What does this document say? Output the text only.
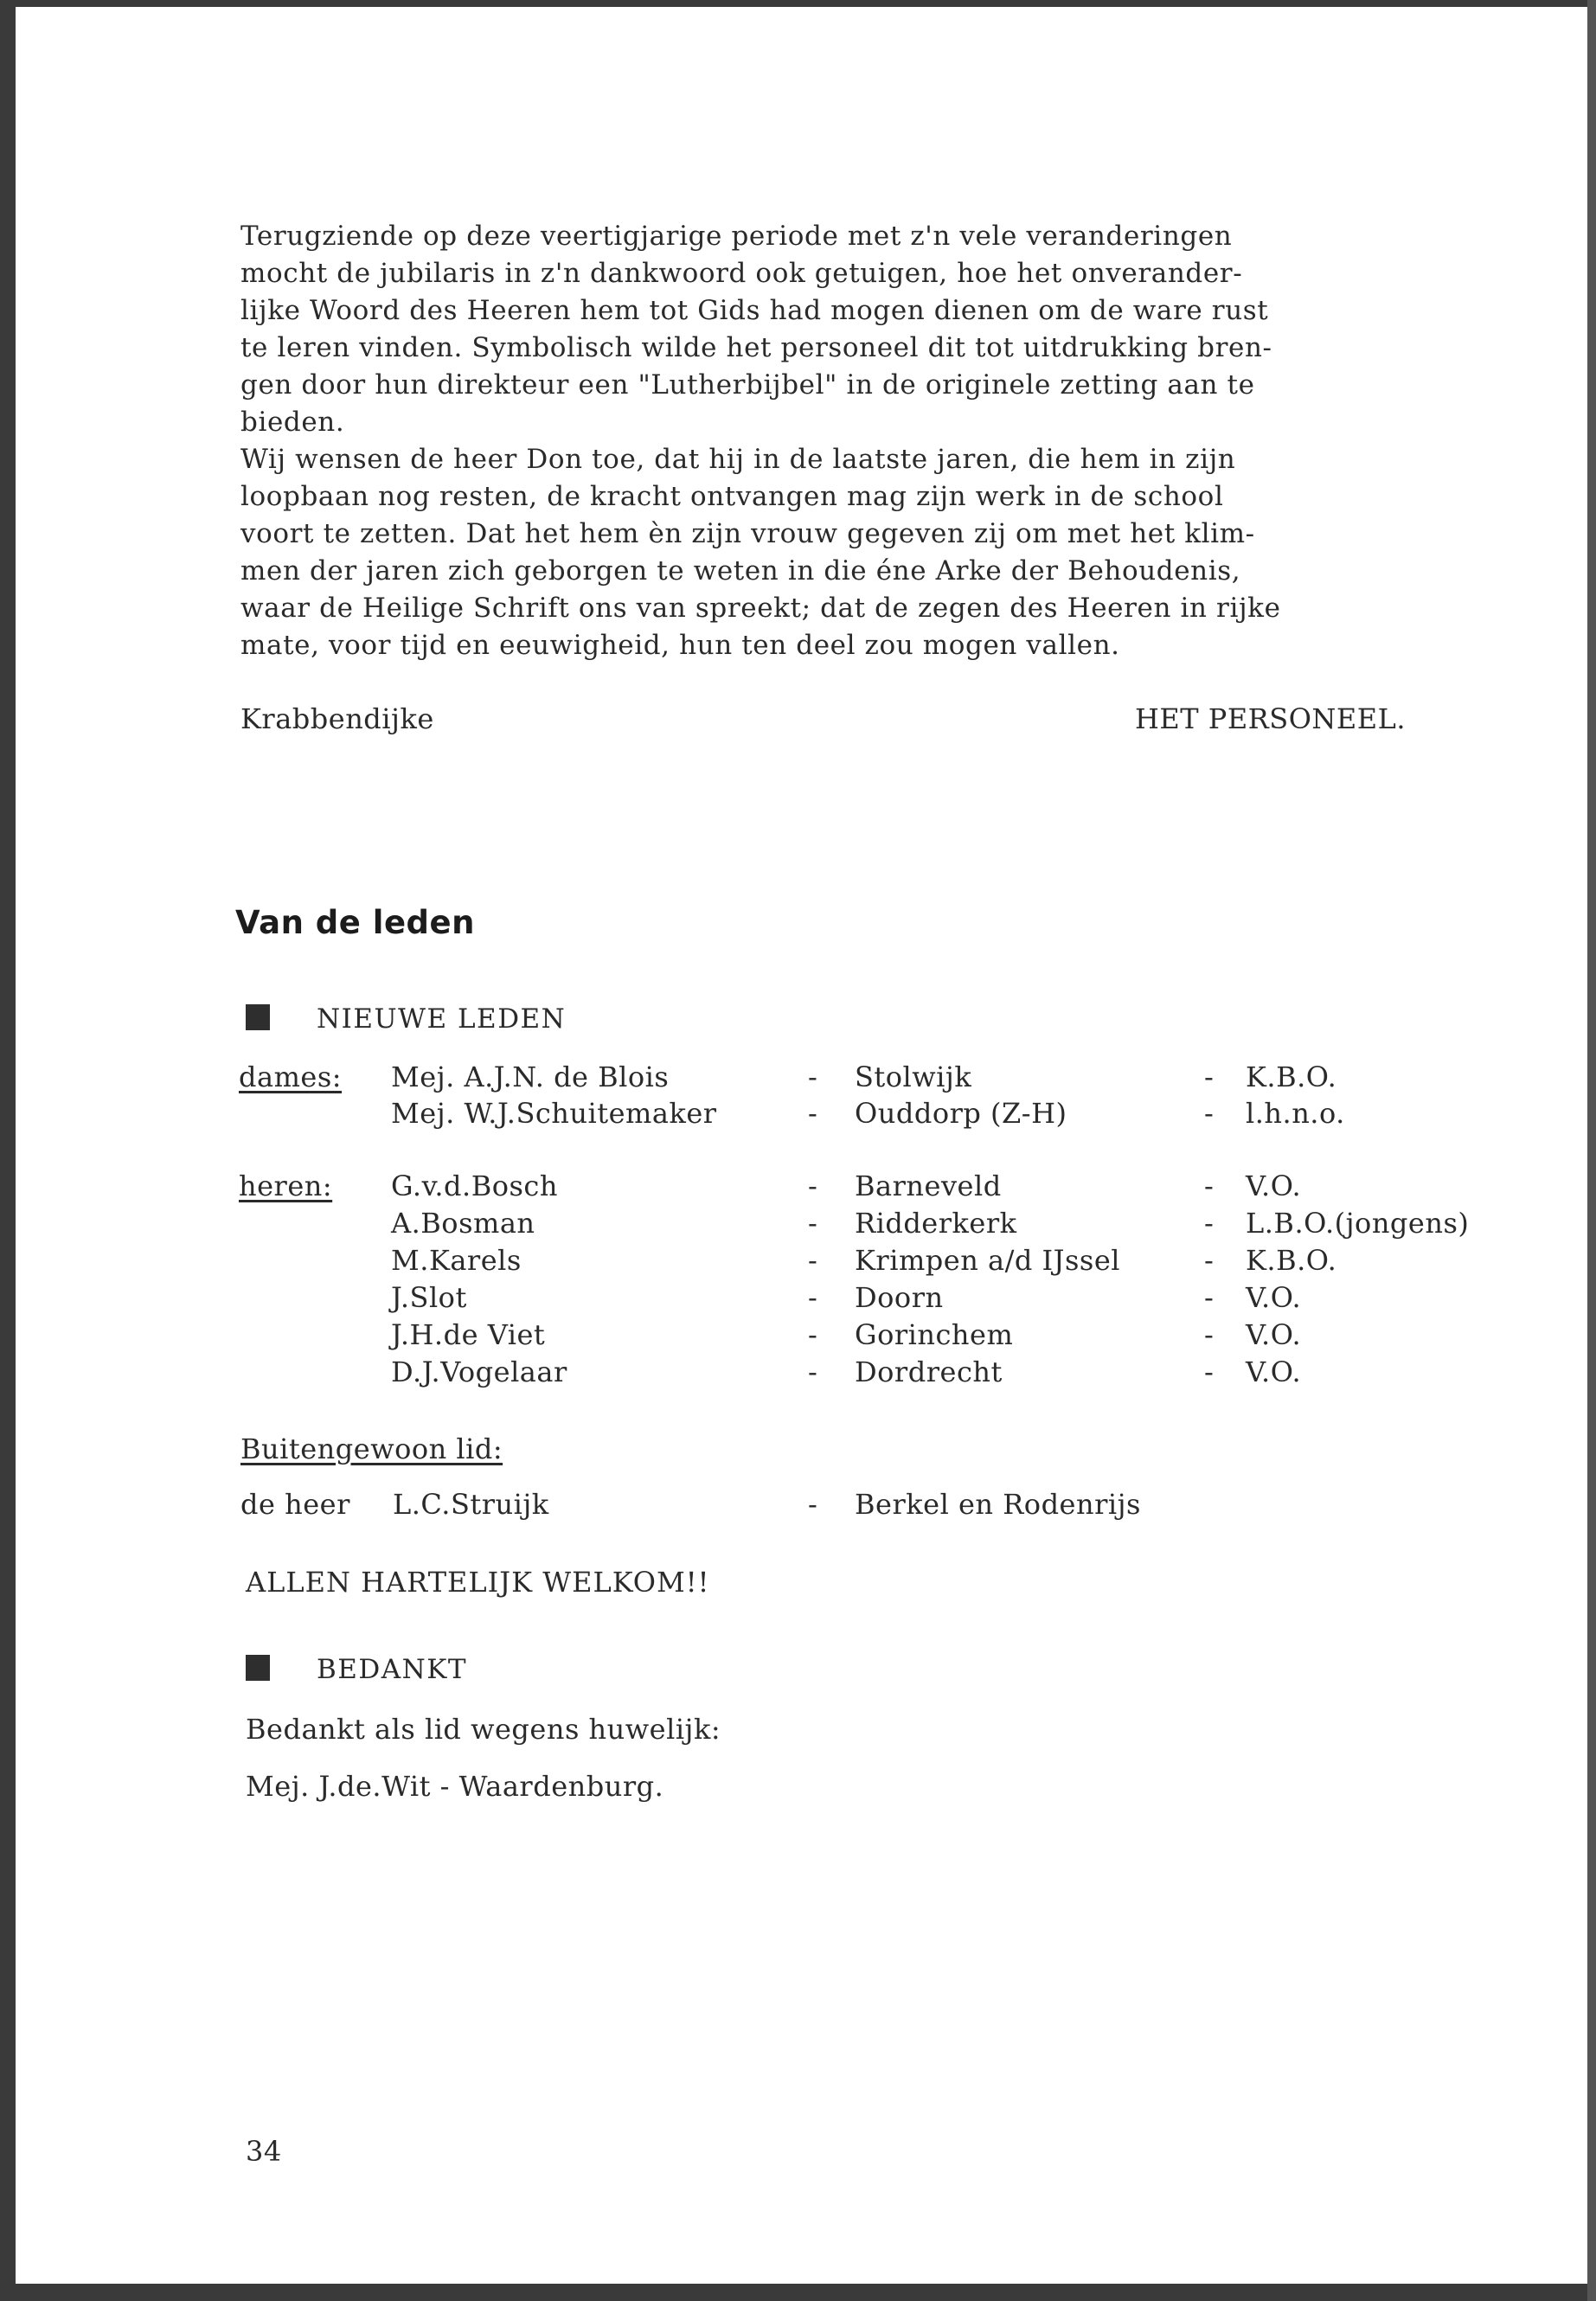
Terugziende op deze veertigjarige periode met z'n vele veranderingen
mocht de jubilaris in z'n dankwoord ook getuigen, hoe het onverander-
lijke Woord des Heeren hem tot Gids had mogen dienen om de ware rust
te leren vinden. Symbolisch wilde het personeel dit tot uitdrukking bren-
gen door hun direkteur een "Lutherbijbel" in de originele zetting aan te
bieden.
Wij wensen de heer Don toe, dat hij in de laatste jaren, die hem in zijn
loopbaan nog resten, de kracht ontvangen mag zijn werk in de school
voort te zetten. Dat het hem èn zijn vrouw gegeven zij om met het klim-
men der jaren zich geborgen te weten in die éne Arke der Behoudenis,
waar de Heilige Schrift ons van spreekt; dat de zegen des Heeren in rijke
mate, voor tijd en eeuwigheid, hun ten deel zou mogen vallen.

Krabbendijke	HET PERSONEEL.
Van de leden
NIEUWE LEDEN
dames: Mej. A.J.N. de Blois	- Stolwijk	- K.B.O.
Mej. W.J.Schuitemaker	- Ouddorp (Z-H)	- l.h.n.o.
heren: G.v.d.Bosch	- Barneveld	- V.O.
A.Bosman	- Ridderkerk	- L.B.O.(jongens)
M.Karels	- Krimpen a/d IJssel	- K.B.O.
J.Slot	- Doorn	- V.O.
J.H.de Viet	- Gorinchem	- V.O.
D.J.Vogelaar	- Dordrecht	- V.O.
Buitengewoon lid:
de heer L.C.Struijk	- Berkel en Rodenrijs
ALLEN HARTELIJK WELKOM!!
BEDANKT
Bedankt als lid wegens huwelijk:
Mej. J.de.Wit - Waardenburg.
34
